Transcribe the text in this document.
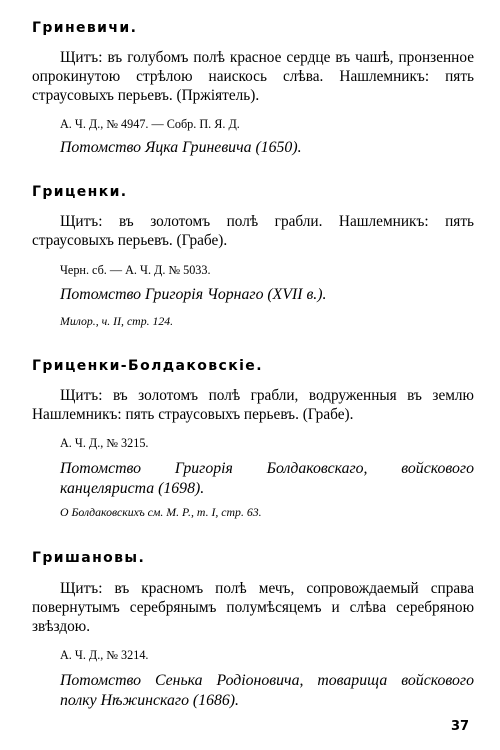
Гриневичи.
Щитъ: въ голубомъ полѣ красное сердце въ чашѣ, пронзенное опрокинутою стрѣлою наискось слѣва. Нашлемникъ: пять страусовыхъ перьевъ. (Пржіятель).
А. Ч. Д., № 4947. — Собр. П. Я. Д.
Потомство Яцка Гриневича (1650).
Гриценки.
Щитъ: въ золотомъ полѣ грабли. Нашлемникъ: пять страусовыхъ перьевъ. (Грабе).
Черн. сб. — А. Ч. Д. № 5033.
Потомство Григорія Чорнаго (XVII в.).
Милор., ч. II, стр. 124.
Гриценки-Болдаковскіе.
Щитъ: въ золотомъ полѣ грабли, водруженныя въ землю Нашлемникъ: пять страусовыхъ перьевъ. (Грабе).
А. Ч. Д., № 3215.
Потомство Григорія Болдаковскаго, войскового канцеляриста (1698).
О Болдаковскихъ см. М. Р., т. I, стр. 63.
Гришановы.
Щитъ: въ красномъ полѣ мечъ, сопровождаемый справа повернутымъ серебрянымъ полумѣсяцемъ и слѣва серебряною звѣздою.
А. Ч. Д., № 3214.
Потомство Сенька Родіоновича, товарища войскового полку Нѣжинскаго (1686).
37
